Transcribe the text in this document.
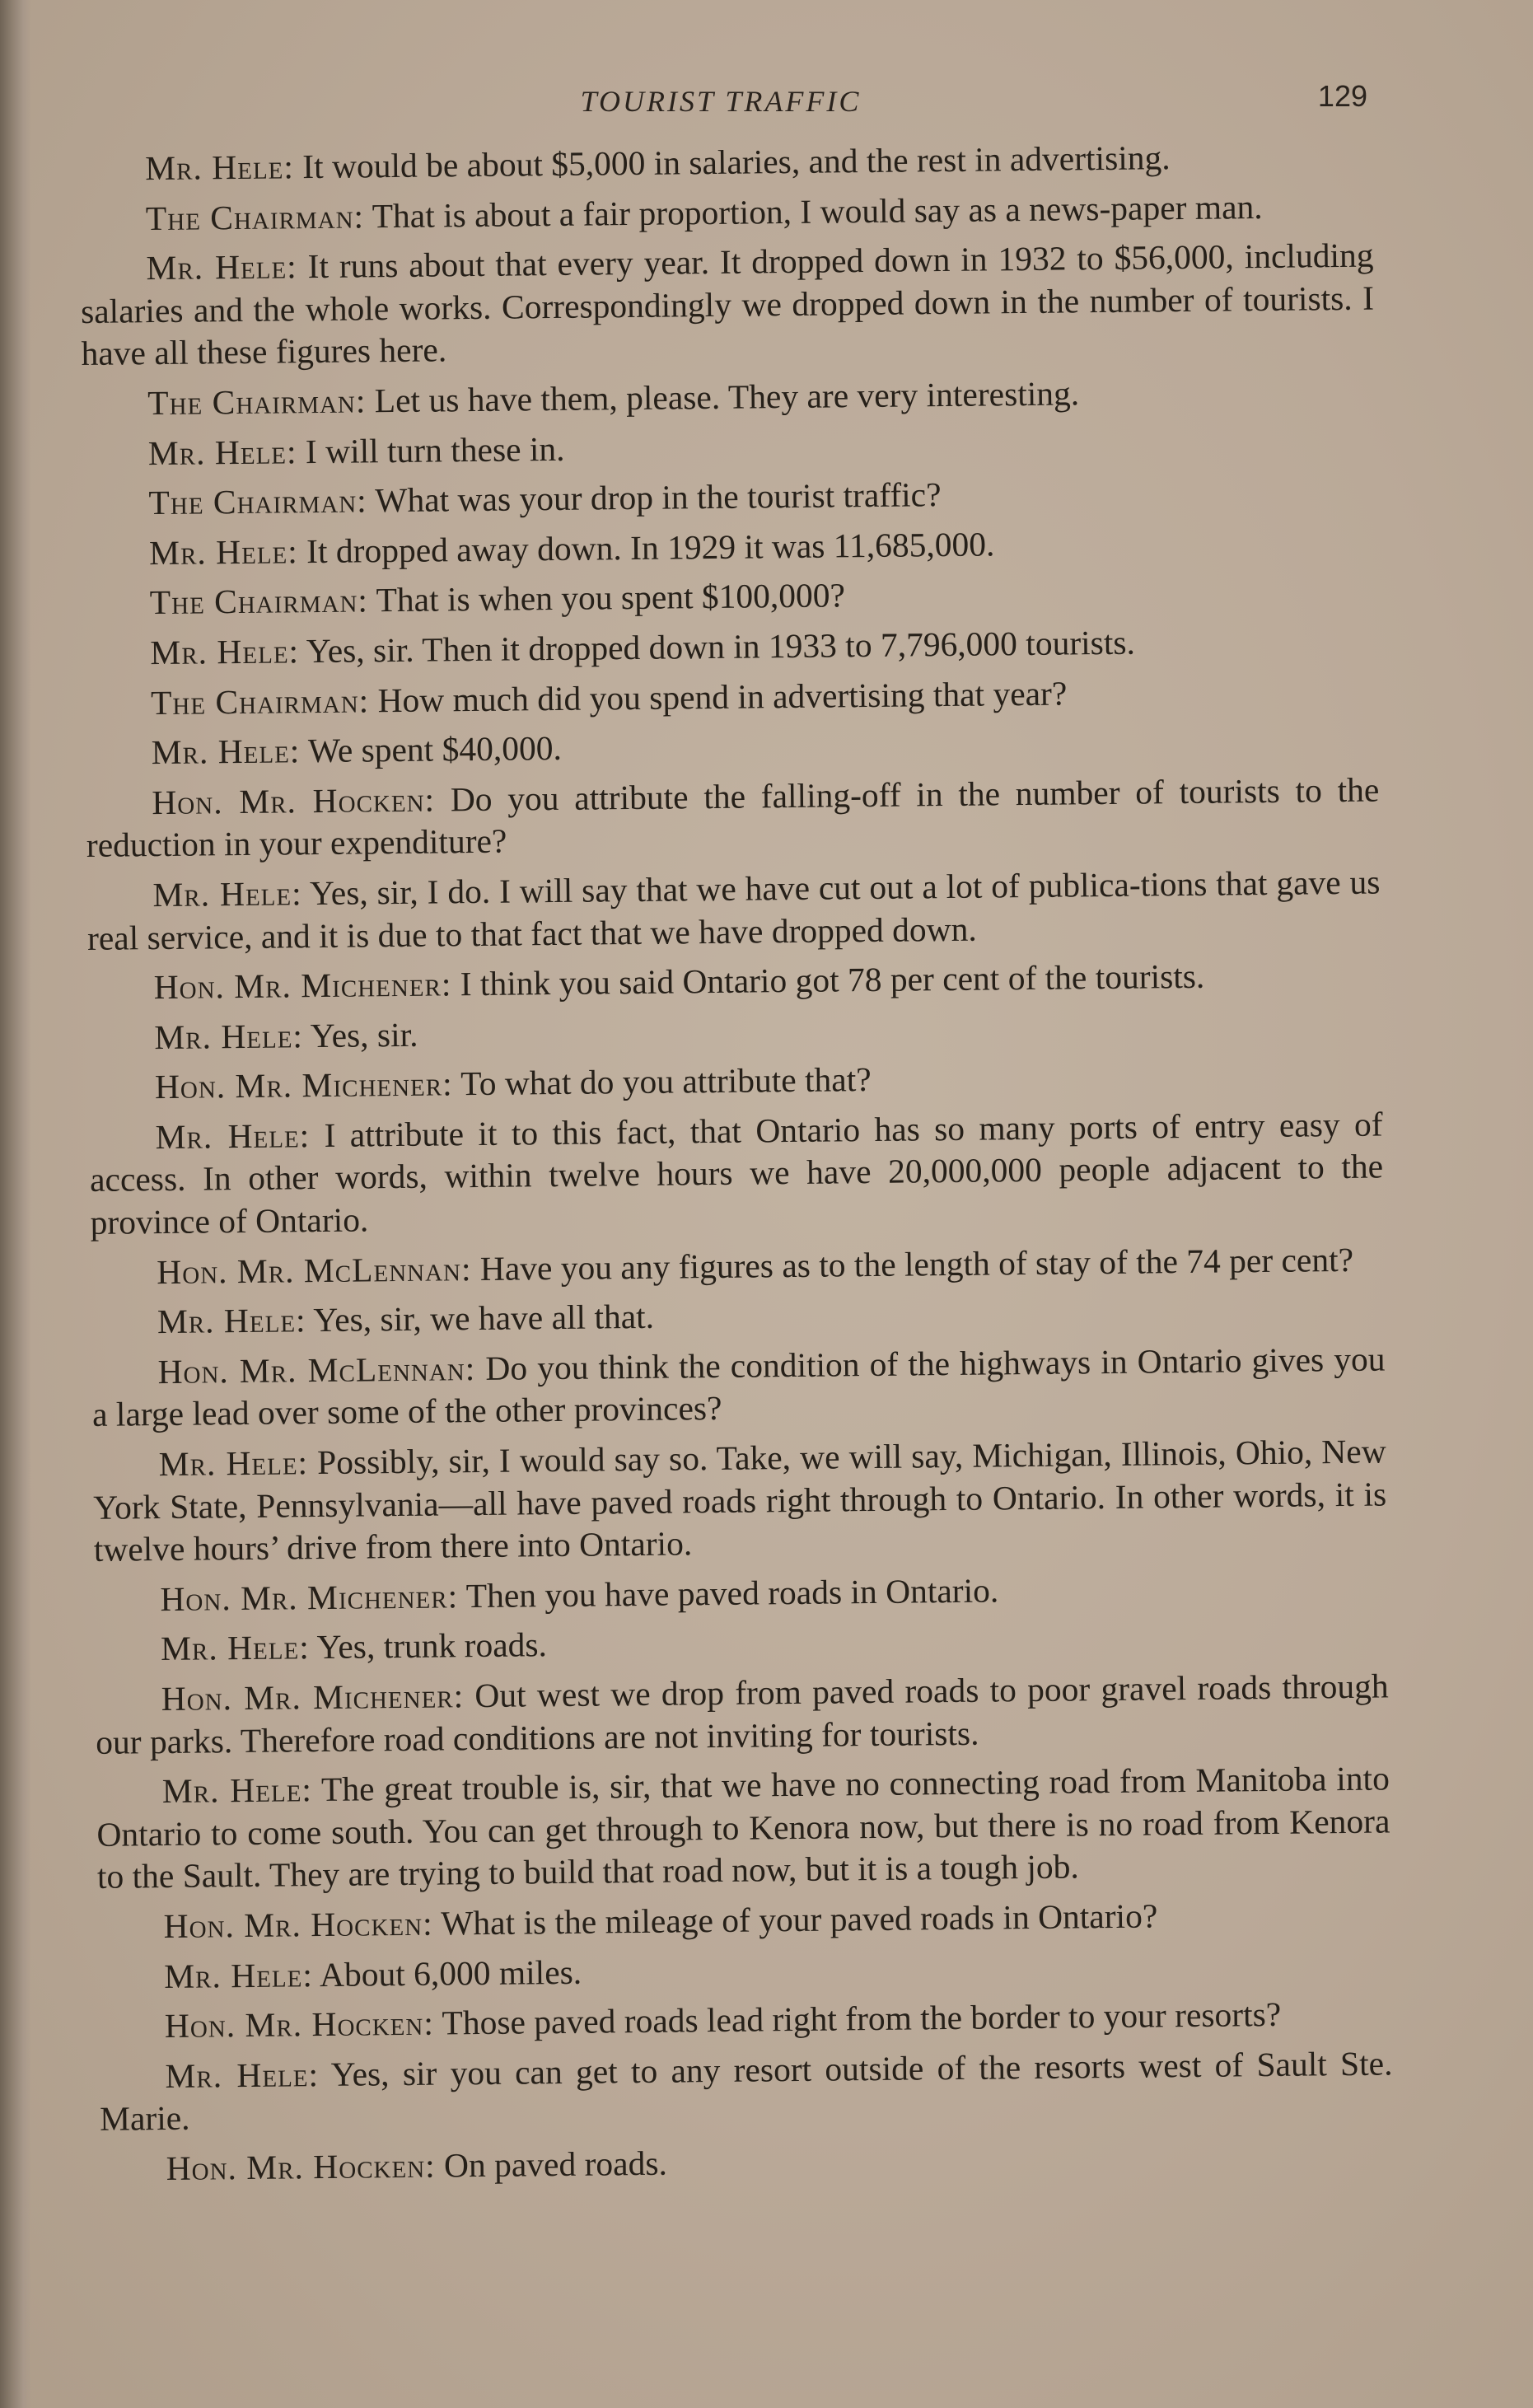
TOURIST TRAFFIC	129

Mr. Hele: It would be about $5,000 in salaries, and the rest in advertising.

The Chairman: That is about a fair proportion, I would say as a news-paper man.

Mr. Hele: It runs about that every year. It dropped down in 1932 to $56,000, including salaries and the whole works. Correspondingly we dropped down in the number of tourists. I have all these figures here.

The Chairman: Let us have them, please. They are very interesting.

Mr. Hele: I will turn these in.

The Chairman: What was your drop in the tourist traffic?

Mr. Hele: It dropped away down. In 1929 it was 11,685,000.

The Chairman: That is when you spent $100,000?

Mr. Hele: Yes, sir. Then it dropped down in 1933 to 7,796,000 tourists.

The Chairman: How much did you spend in advertising that year?

Mr. Hele: We spent $40,000.

Hon. Mr. Hocken: Do you attribute the falling-off in the number of tourists to the reduction in your expenditure?

Mr. Hele: Yes, sir, I do. I will say that we have cut out a lot of publica-tions that gave us real service, and it is due to that fact that we have dropped down.

Hon. Mr. Michener: I think you said Ontario got 78 per cent of the tourists.

Mr. Hele: Yes, sir.

Hon. Mr. Michener: To what do you attribute that?

Mr. Hele: I attribute it to this fact, that Ontario has so many ports of entry easy of access. In other words, within twelve hours we have 20,000,000 people adjacent to the province of Ontario.

Hon. Mr. McLennan: Have you any figures as to the length of stay of the 74 per cent?

Mr. Hele: Yes, sir, we have all that.

Hon. Mr. McLennan: Do you think the condition of the highways in Ontario gives you a large lead over some of the other provinces?

Mr. Hele: Possibly, sir, I would say so. Take, we will say, Michigan, Illinois, Ohio, New York State, Pennsylvania—all have paved roads right through to Ontario. In other words, it is twelve hours’ drive from there into Ontario.

Hon. Mr. Michener: Then you have paved roads in Ontario.

Mr. Hele: Yes, trunk roads.

Hon. Mr. Michener: Out west we drop from paved roads to poor gravel roads through our parks. Therefore road conditions are not inviting for tourists.

Mr. Hele: The great trouble is, sir, that we have no connecting road from Manitoba into Ontario to come south. You can get through to Kenora now, but there is no road from Kenora to the Sault. They are trying to build that road now, but it is a tough job.

Hon. Mr. Hocken: What is the mileage of your paved roads in Ontario?

Mr. Hele: About 6,000 miles.

Hon. Mr. Hocken: Those paved roads lead right from the border to your resorts?

Mr. Hele: Yes, sir you can get to any resort outside of the resorts west of Sault Ste. Marie.

Hon. Mr. Hocken: On paved roads.
